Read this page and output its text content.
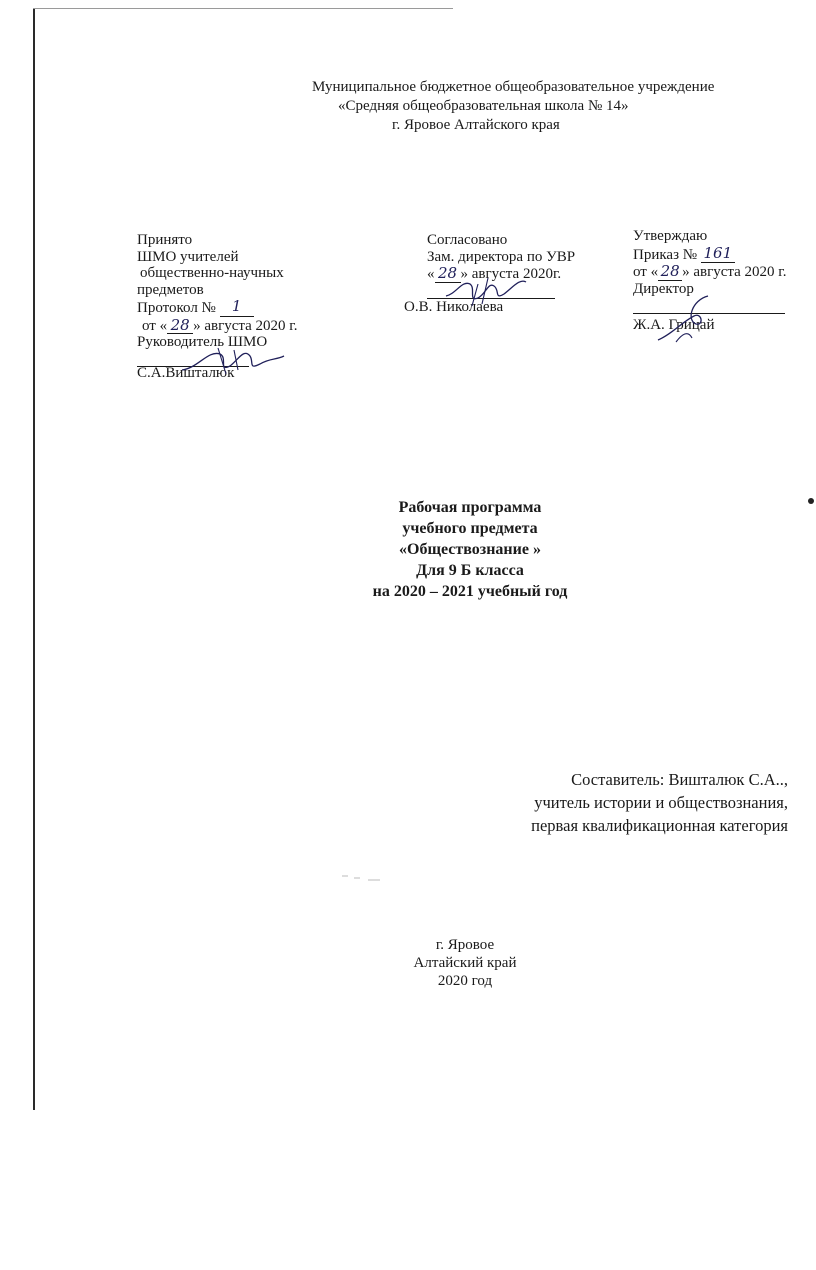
Муниципальное бюджетное общеобразовательное учреждение
«Средняя общеобразовательная школа № 14»
г. Яровое Алтайского края
Принято
ШМО учителей
общественно-научных
предметов
Протокол № 1
от « 28 » августа 2020 г.
Руководитель ШМО
С.А.Вишталюк
Согласовано
Зам. директора по УВР
« 28 » августа 2020г.
О.В. Николаева
Утверждаю
Приказ № 161
от « 28 » августа 2020 г.
Директор
Ж.А. Грицай
Рабочая программа
учебного предмета
«Обществознание »
Для 9 Б класса
на 2020 – 2021 учебный год
Составитель: Вишталюк С.А..,
учитель истории и обществознания,
первая квалификационная категория
г. Яровое
Алтайский край
2020 год
